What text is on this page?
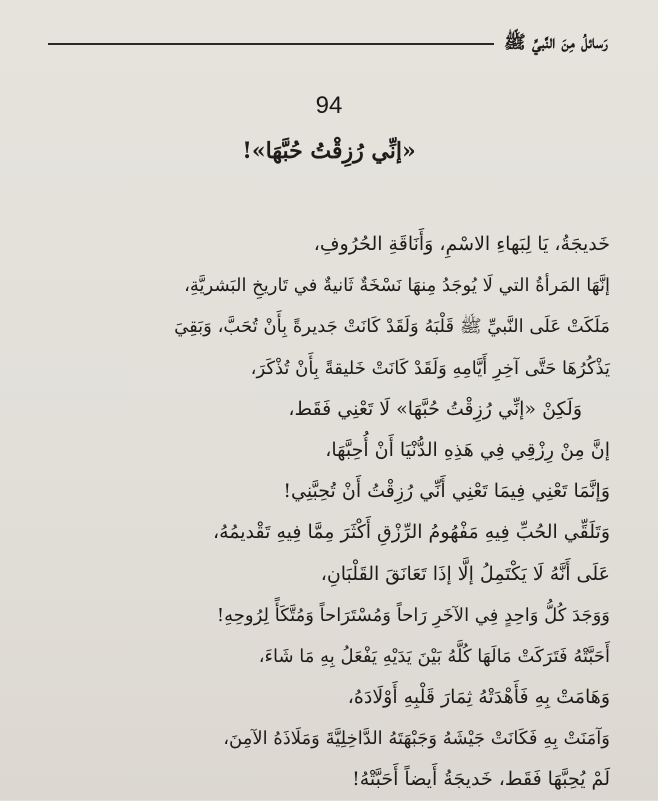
رَسائلُ مِنَ النَّبيِّ ﷺ
94
«إنِّي رُزِقْتُ حُبَّهَا»!
خَديجَةُ، يَا لِبَهاءِ الاسْمِ، وَأَنَاقَةِ الحُرُوفِ،
إنَّهَا المَرأةُ التي لَا يُوجَدُ مِنهَا نَسْخَةٌ ثَانيةٌ في تَاريخِ البَشريَّةِ،
مَلَكَتْ عَلَى النَّبيِّ ﷺ قَلْبَهُ وَلَقَدْ كَانَتْ جَديرةً بِأَنْ تُحَبَّ، وَبَقِيَ
يَذْكُرُهَا حَتَّى آخِرِ أَيَّامِهِ وَلَقَدْ كَانَتْ خَليقةً بِأَنْ تُذْكَرَ،
وَلَكِنْ «إنِّي رُزِقْتُ حُبَّهَا» لَا تَعْنِي فَقَط،
إنَّ مِنْ رِزْقِي فِي هَذِهِ الدُّنْيَا أَنْ أُحِبَّهَا،
وَإنَّمَا تَعْنِي فِيمَا تَعْنِي أَنِّي رُزِقْتُ أَنْ تُحِبَّنِي!
وَتَلَقِّي الحُبِّ فِيهِ مَفْهُومُ الرِّزْقِ أَكْثَرَ مِمَّا فِيهِ تَقْديمُهُ،
عَلَى أَنَّهُ لَا يَكْتَمِلُ إلَّا إذَا تَعَانَقَ القَلْبَانِ،
وَوَجَدَ كُلُّ وَاحِدٍ فِي الآخَرِ رَاحاً وَمُسْتَرَاحاً وَمُتَّكَأً لِرُوحِهِ!
أَحَبَّتْهُ فَتَرَكَتْ مَالَهَا كُلَّهُ بَيْنَ يَدَيْهِ يَفْعَلُ بِهِ مَا شَاءَ،
وَهَامَتْ بِهِ فَأَهْدَتْهُ ثِمَارَ قَلْبِهِ أَوْلَادَهُ،
وَآمَنَتْ بِهِ فَكَانَتْ جَيْشَهُ وَجَبْهَتَهُ الدَّاخِلِيَّةَ وَمَلَاذَهُ الآمِنَ،
لَمْ يُحِبَّهَا فَقَط، خَديجَةُ أَيضاً أَحَبَّتْهُ!
